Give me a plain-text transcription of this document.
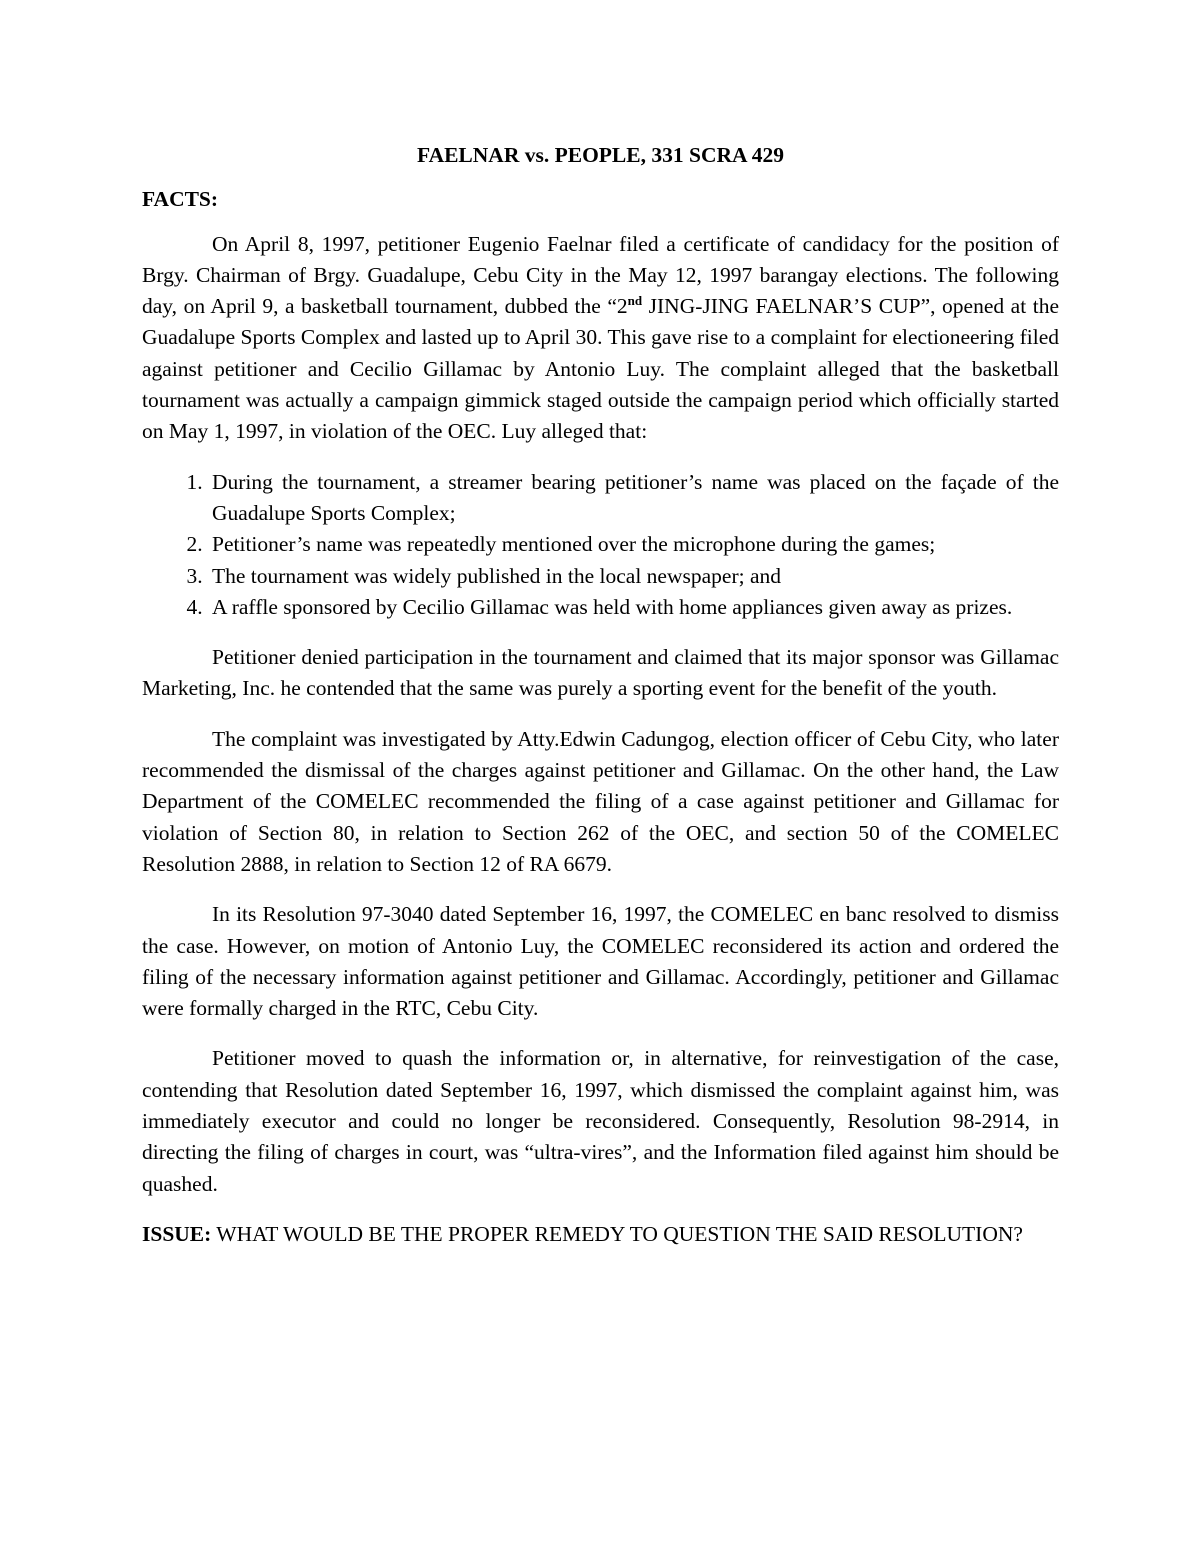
FAELNAR vs. PEOPLE, 331 SCRA 429
FACTS:

On April 8, 1997, petitioner Eugenio Faelnar filed a certificate of candidacy for the position of Brgy. Chairman of Brgy. Guadalupe, Cebu City in the May 12, 1997 barangay elections. The following day, on April 9, a basketball tournament, dubbed the “2nd JING-JING FAELNAR’S CUP”, opened at the Guadalupe Sports Complex and lasted up to April 30. This gave rise to a complaint for electioneering filed against petitioner and Cecilio Gillamac by Antonio Luy. The complaint alleged that the basketball tournament was actually a campaign gimmick staged outside the campaign period which officially started on May 1, 1997, in violation of the OEC. Luy alleged that:

1. During the tournament, a streamer bearing petitioner’s name was placed on the façade of the Guadalupe Sports Complex;
2. Petitioner’s name was repeatedly mentioned over the microphone during the games;
3. The tournament was widely published in the local newspaper; and
4. A raffle sponsored by Cecilio Gillamac was held with home appliances given away as prizes.

Petitioner denied participation in the tournament and claimed that its major sponsor was Gillamac Marketing, Inc. he contended that the same was purely a sporting event for the benefit of the youth.

The complaint was investigated by Atty.Edwin Cadungog, election officer of Cebu City, who later recommended the dismissal of the charges against petitioner and Gillamac. On the other hand, the Law Department of the COMELEC recommended the filing of a case against petitioner and Gillamac for violation of Section 80, in relation to Section 262 of the OEC, and section 50 of the COMELEC Resolution 2888, in relation to Section 12 of RA 6679.

In its Resolution 97-3040 dated September 16, 1997, the COMELEC en banc resolved to dismiss the case. However, on motion of Antonio Luy, the COMELEC reconsidered its action and ordered the filing of the necessary information against petitioner and Gillamac. Accordingly, petitioner and Gillamac were formally charged in the RTC, Cebu City.

Petitioner moved to quash the information or, in alternative, for reinvestigation of the case, contending that Resolution dated September 16, 1997, which dismissed the complaint against him, was immediately executor and could no longer be reconsidered. Consequently, Resolution 98-2914, in directing the filing of charges in court, was “ultra-vires”, and the Information filed against him should be quashed.

ISSUE: WHAT WOULD BE THE PROPER REMEDY TO QUESTION THE SAID RESOLUTION?
